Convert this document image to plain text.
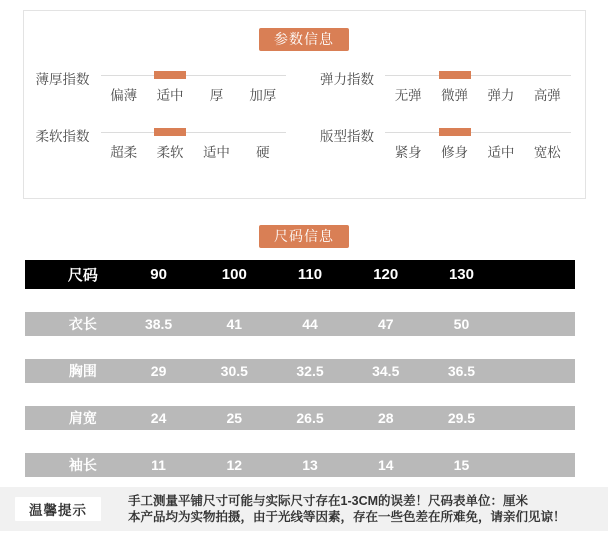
参数信息
薄厚指数
偏薄	适中	厚	加厚
弹力指数
无弹	微弹	弹力	高弹
柔软指数
超柔	柔软	适中	硬
版型指数
紧身	修身	适中	宽松
尺码信息
尺码	90	100	110	120	130
衣长	38.5	41	44	47	50
胸围	29	30.5	32.5	34.5	36.5
肩宽	24	25	26.5	28	29.5
袖长	11	12	13	14	15
温馨提示
手工测量平铺尺寸可能与实际尺寸存在1-3CM的误差！尺码表单位：厘米
本产品均为实物拍摄，由于光线等因素，存在一些色差在所难免，请亲们见谅！
